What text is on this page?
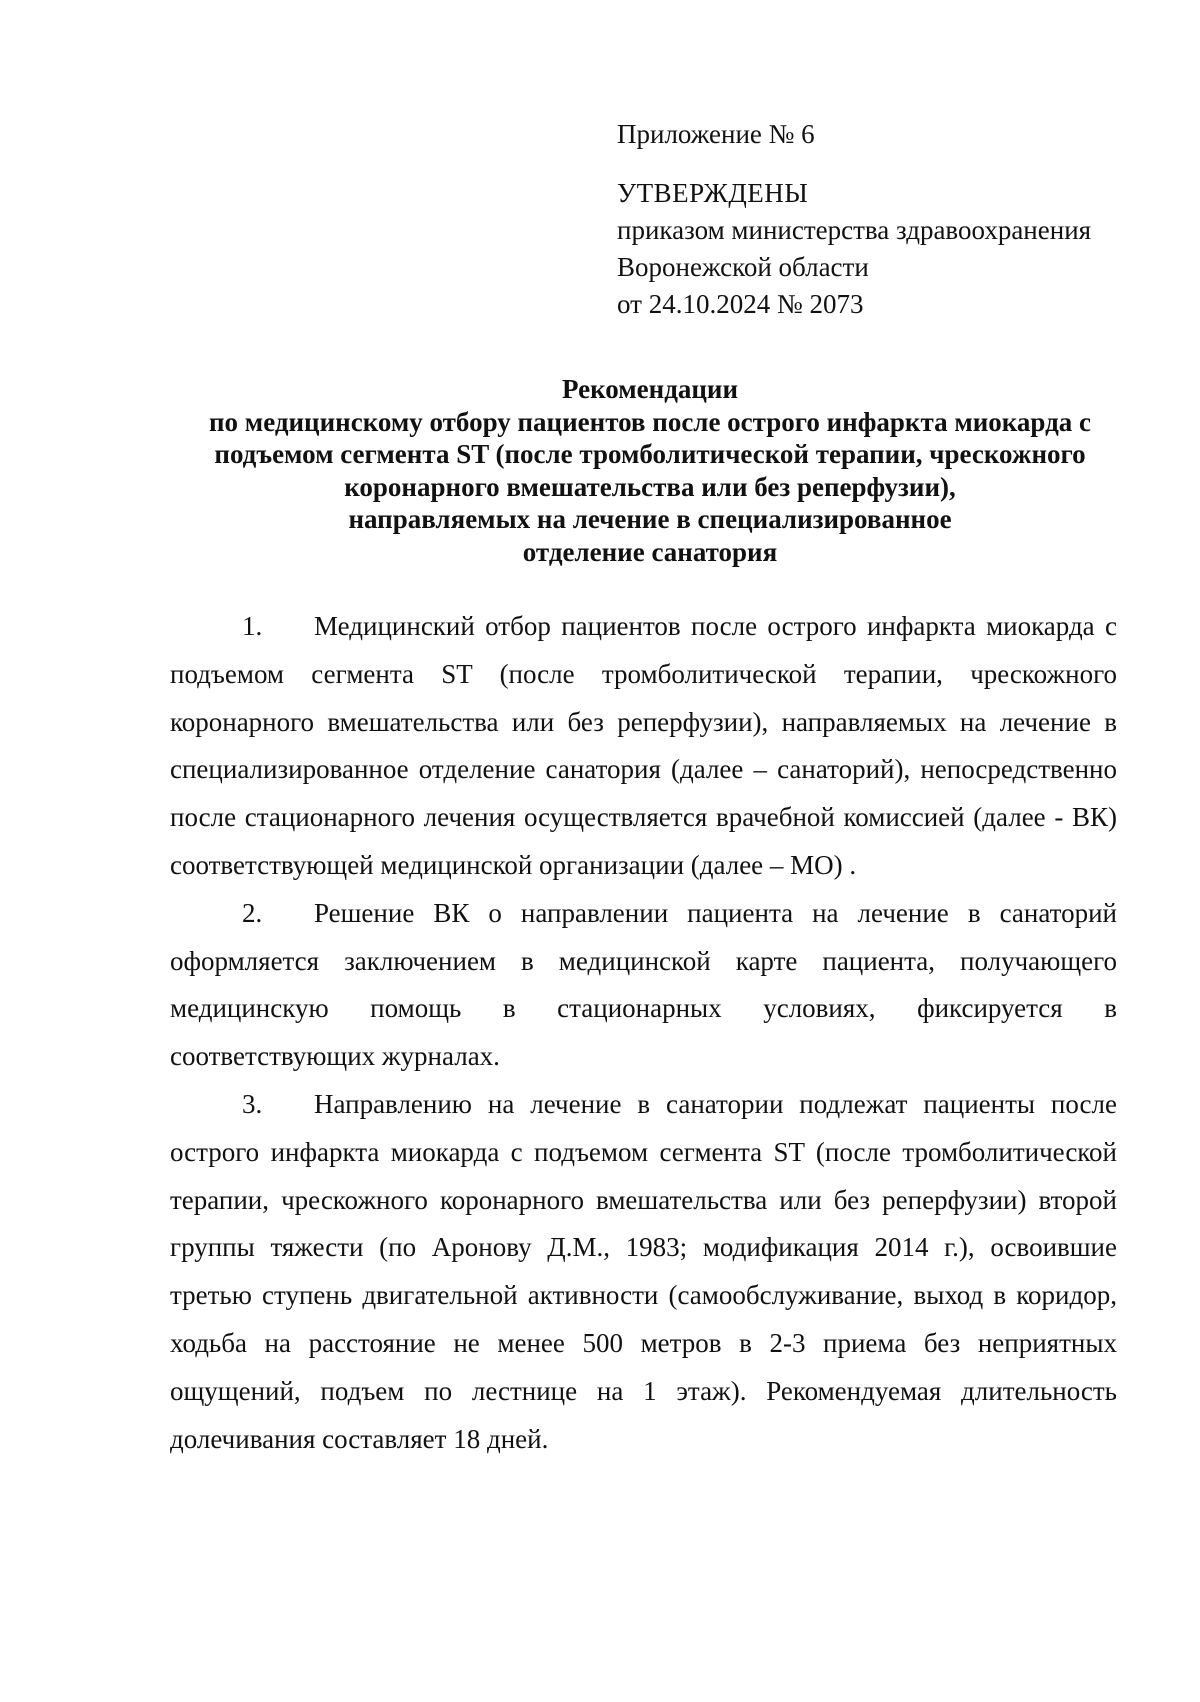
Приложение № 6
УТВЕРЖДЕНЫ
приказом министерства здравоохранения
Воронежской области
от 24.10.2024 № 2073
Рекомендации
по медицинскому отбору пациентов после острого инфаркта миокарда с
подъемом сегмента ST (после тромболитической терапии, чрескожного
коронарного вмешательства или без реперфузии),
направляемых на лечение в специализированное
отделение санатория

1. Медицинский отбор пациентов после острого инфаркта миокарда с подъемом сегмента ST (после тромболитической терапии, чрескожного коронарного вмешательства или без реперфузии), направляемых на лечение в специализированное отделение санатория (далее – санаторий), непосредственно после стационарного лечения осуществляется врачебной комиссией (далее - ВК) соответствующей медицинской организации (далее – МО) .

2. Решение ВК о направлении пациента на лечение в санаторий оформляется заключением в медицинской карте пациента, получающего медицинскую помощь в стационарных условиях, фиксируется в соответствующих журналах.

3. Направлению на лечение в санатории подлежат пациенты после острого инфаркта миокарда с подъемом сегмента ST (после тромболитической терапии, чрескожного коронарного вмешательства или без реперфузии) второй группы тяжести (по Аронову Д.М., 1983; модификация 2014 г.), освоившие третью ступень двигательной активности (самообслуживание, выход в коридор, ходьба на расстояние не менее 500 метров в 2-3 приема без неприятных ощущений, подъем по лестнице на 1 этаж). Рекомендуемая длительность долечивания составляет 18 дней.
